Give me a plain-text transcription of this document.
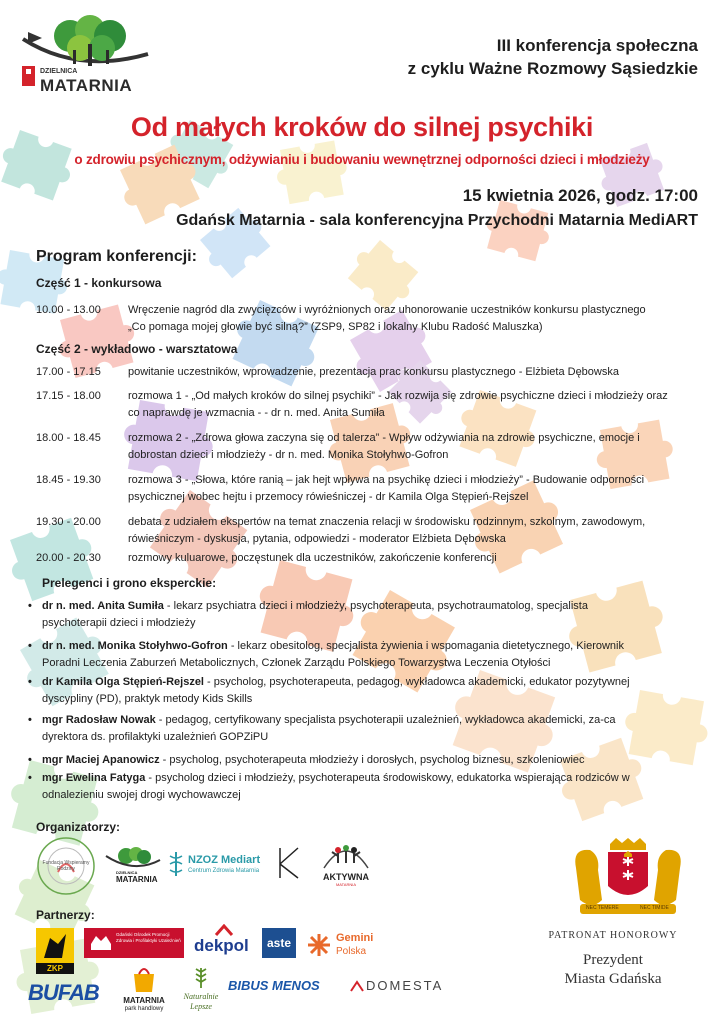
DZIELNICA
MATARNIA
III konferencja społeczna
z cyklu Ważne Rozmowy Sąsiedzkie
Od małych kroków do silnej psychiki
o zdrowiu psychicznym, odżywianiu i budowaniu wewnętrznej odporności dzieci i młodzieży
15 kwietnia 2026, godz. 17:00
Gdańsk Matarnia - sala konferencyjna Przychodni Matarnia MediART
Program konferencji:
Część 1 - konkursowa
10.00 - 13.00	Wręczenie nagród dla zwycięzców i wyróżnionych oraz uhonorowanie uczestników konkursu plastycznego
„Co pomaga mojej głowie być silną?” (ZSP9, SP82 i lokalny Klubu Radość Maluszka)
Część 2 - wykładowo - warsztatowa
17.00 - 17.15	powitanie uczestników, wprowadzenie, prezentacja prac konkursu plastycznego - Elżbieta Dębowska
17.15 - 18.00	rozmowa 1 - „Od małych kroków do silnej psychiki” - Jak rozwija się zdrowie psychiczne dzieci i młodzieży oraz
co naprawdę je wzmacnia - - dr n. med. Anita Sumiła
18.00 - 18.45	rozmowa 2 - „Zdrowa głowa zaczyna się od talerza” - Wpływ odżywiania na zdrowie psychiczne, emocje i
dobrostan dzieci i młodzieży - dr n. med. Monika Stołyhwo-Gofron
18.45 - 19.30	rozmowa 3 - „Słowa, które ranią – jak hejt wpływa na psychikę dzieci i młodzieży” - Budowanie odporności
psychicznej wobec hejtu i przemocy rówieśniczej - dr Kamila Olga Stępień-Rejszel
19.30 - 20.00	debata z udziałem ekspertów na temat znaczenia relacji w środowisku rodzinnym, szkolnym, zawodowym,
rówieśniczym - dyskusja, pytania, odpowiedzi - moderator Elżbieta Dębowska
20.00 - 20.30	rozmowy kuluarowe, poczęstunek dla uczestników, zakończenie konferencji
Prelegenci i grono eksperckie:
• dr n. med. Anita Sumiła - lekarz psychiatra dzieci i młodzieży, psychoterapeuta, psychotraumatolog, specjalista
psychoterapii dzieci i młodzieży
• dr n. med. Monika Stołyhwo-Gofron - lekarz obesitolog, specjalista żywienia i wspomagania dietetycznego, Kierownik
Poradni Leczenia Zaburzeń Metabolicznych, Członek Zarządu Polskiego Towarzystwa Leczenia Otyłości
• dr Kamila Olga Stępień-Rejszel - psycholog, psychoterapeuta, pedagog, wykładowca akademicki, edukator pozytywnej
dyscypliny (PD), praktyk metody Kids Skills
• mgr Radosław Nowak - pedagog, certyfikowany specjalista psychoterapii uzależnień, wykładowca akademicki, za-ca
dyrektora ds. profilaktyki uzależnień GOPZiPU
• mgr Maciej Apanowicz - psycholog, psychoterapeuta młodzieży i dorosłych, psycholog biznesu, szkoleniowiec
• mgr Ewelina Fatyga - psycholog dzieci i młodzieży, psychoterapeuta środowiskowy, edukatorka wspierająca rodziców w
odnalezieniu swojej drogi wychowawczej
Organizatorzy:
Fundacja Wspieramy Rodziny
DZIELNICA
MATARNIA
NZOZ Mediart
Centrum Zdrowia Matarnia
AKTYWNA
MATARNIA
NEC TEMERE	NEC TIMIDE
Partnerzy:
ZKP
Gdański Ośrodek Promocji Zdrowia i Profilaktyki Uzależnień dekpol	aste	Gemini
Polska
BUFAB	MATARNIA
park handlowy
Naturalnie
Lepsze
BIBUS MENOS	DOMESTA
PATRONAT HONOROWY
Prezydent
Miasta Gdańska
